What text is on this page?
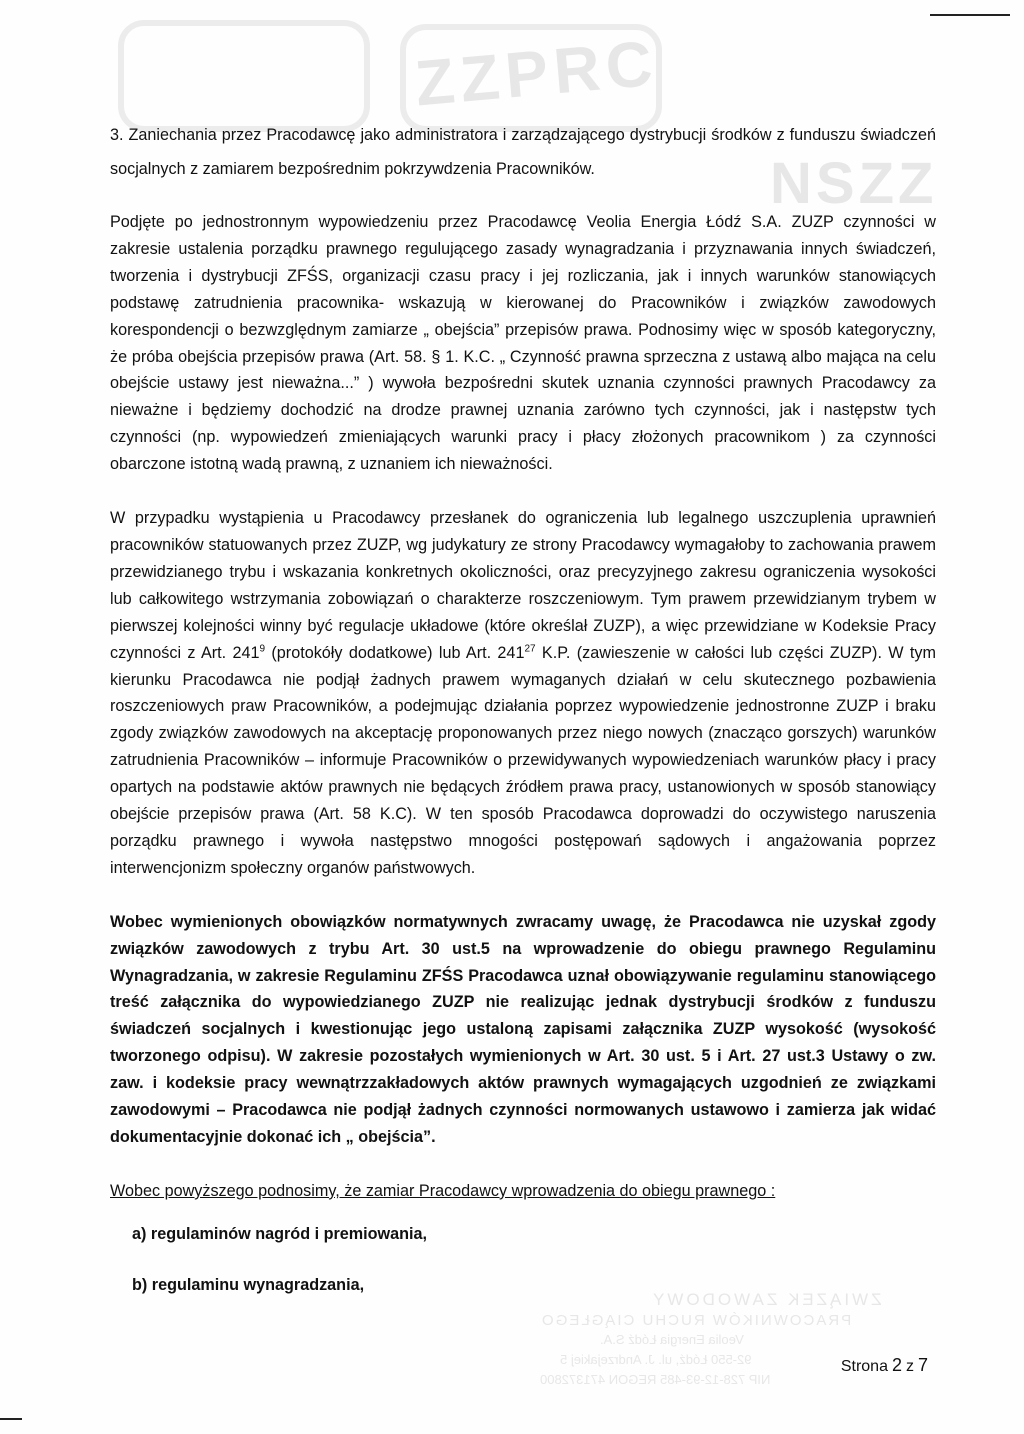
ZZPRC
NSZZ
ZWIĄZEK ZAWODOWY
PRACOWNIKÓW RUCHU CIĄGŁEGO
Veolia Energia Łódź S.A.
92-550 Łódź, ul. J. Andrzejakiej 5
NIP 728-12-93-485 REGON 471372800

3. Zaniechania przez Pracodawcę jako administratora i zarządzającego dystrybucji środków z funduszu świadczeń socjalnych z zamiarem bezpośrednim pokrzywdzenia Pracowników.

Podjęte po jednostronnym wypowiedzeniu przez Pracodawcę Veolia Energia Łódź S.A. ZUZP czynności w zakresie ustalenia porządku prawnego regulującego zasady wynagradzania i przyznawania innych świadczeń, tworzenia i dystrybucji ZFŚS, organizacji czasu pracy i jej rozliczania, jak i innych warunków stanowiących podstawę zatrudnienia pracownika- wskazują w kierowanej do Pracowników i związków zawodowych korespondencji o bezwzględnym zamiarze „ obejścia” przepisów prawa. Podnosimy więc w sposób kategoryczny, że próba obejścia przepisów prawa (Art. 58. § 1. K.C. „ Czynność prawna sprzeczna z ustawą albo mająca na celu obejście ustawy jest nieważna...” ) wywoła bezpośredni skutek uznania czynności prawnych Pracodawcy za nieważne i będziemy dochodzić na drodze prawnej uznania zarówno tych czynności, jak i następstw tych czynności (np. wypowiedzeń zmieniających warunki pracy i płacy złożonych pracownikom ) za czynności obarczone istotną wadą prawną, z uznaniem ich nieważności.

W przypadku wystąpienia u Pracodawcy przesłanek do ograniczenia lub legalnego uszczuplenia uprawnień pracowników statuowanych przez ZUZP, wg judykatury ze strony Pracodawcy wymagałoby to zachowania prawem przewidzianego trybu i wskazania konkretnych okoliczności, oraz precyzyjnego zakresu ograniczenia wysokości lub całkowitego wstrzymania zobowiązań o charakterze roszczeniowym. Tym prawem przewidzianym trybem w pierwszej kolejności winny być regulacje układowe (które określał ZUZP), a więc przewidziane w Kodeksie Pracy czynności z Art. $241^9$ (protokóły dodatkowe) lub Art. $241^{27}$ K.P. (zawieszenie w całości lub części ZUZP). W tym kierunku Pracodawca nie podjął żadnych prawem wymaganych działań w celu skutecznego pozbawienia roszczeniowych praw Pracowników, a podejmując działania poprzez wypowiedzenie jednostronne ZUZP i braku zgody związków zawodowych na akceptację proponowanych przez niego nowych (znacząco gorszych) warunków zatrudnienia Pracowników – informuje Pracowników o przewidywanych wypowiedzeniach warunków płacy i pracy opartych na podstawie aktów prawnych nie będących źródłem prawa pracy, ustanowionych w sposób stanowiący obejście przepisów prawa (Art. 58 K.C). W ten sposób Pracodawca doprowadzi do oczywistego naruszenia porządku prawnego i wywoła następstwo mnogości postępowań sądowych i angażowania poprzez interwencjonizm społeczny organów państwowych.

Wobec wymienionych obowiązków normatywnych zwracamy uwagę, że Pracodawca nie uzyskał zgody związków zawodowych z trybu Art. 30 ust.5 na wprowadzenie do obiegu prawnego Regulaminu Wynagradzania, w zakresie Regulaminu ZFŚS Pracodawca uznał obowiązywanie regulaminu stanowiącego treść załącznika do wypowiedzianego ZUZP nie realizując jednak dystrybucji środków z funduszu świadczeń socjalnych i kwestionując jego ustaloną zapisami załącznika ZUZP wysokość (wysokość tworzonego odpisu). W zakresie pozostałych wymienionych w Art. 30 ust. 5 i Art. 27 ust.3 Ustawy o zw. zaw. i kodeksie pracy wewnątrzzakładowych aktów prawnych wymagających uzgodnień ze związkami zawodowymi – Pracodawca nie podjął żadnych czynności normowanych ustawowo i zamierza jak widać dokumentacyjnie dokonać ich „ obejścia”.

Wobec powyższego podnosimy, że zamiar Pracodawcy wprowadzenia do obiegu prawnego :

a) regulaminów nagród i premiowania,

b) regulaminu wynagradzania,

Strona 2 z 7
